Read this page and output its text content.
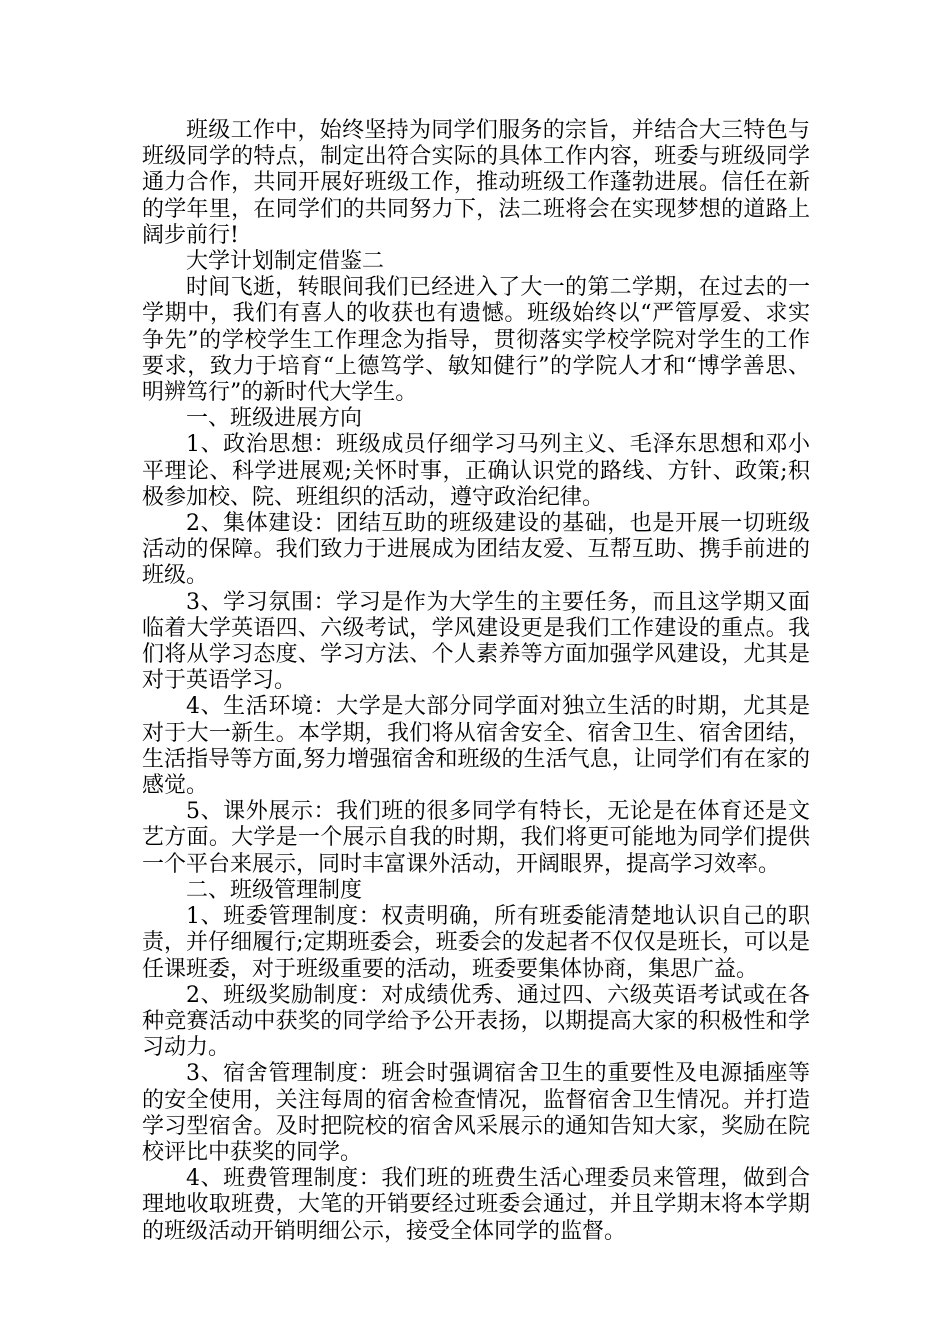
班级工作中，始终坚持为同学们服务的宗旨，并结合大三特色与班级同学的特点，制定出符合实际的具体工作内容，班委与班级同学通力合作，共同开展好班级工作，推动班级工作蓬勃进展。信任在新的学年里，在同学们的共同努力下，法二班将会在实现梦想的道路上阔步前行!

大学计划制定借鉴二

时间飞逝，转眼间我们已经进入了大一的第二学期，在过去的一学期中，我们有喜人的收获也有遗憾。班级始终以“严管厚爱、求实争先”的学校学生工作理念为指导，贯彻落实学校学院对学生的工作要求，致力于培育“上德笃学、敏知健行”的学院人才和“博学善思、明辨笃行”的新时代大学生。

一、班级进展方向

1、政治思想：班级成员仔细学习马列主义、毛泽东思想和邓小平理论、科学进展观;关怀时事，正确认识党的路线、方针、政策;积极参加校、院、班组织的活动，遵守政治纪律。

2、集体建设：团结互助的班级建设的基础，也是开展一切班级活动的保障。我们致力于进展成为团结友爱、互帮互助、携手前进的班级。

3、学习氛围：学习是作为大学生的主要任务，而且这学期又面临着大学英语四、六级考试，学风建设更是我们工作建设的重点。我们将从学习态度、学习方法、个人素养等方面加强学风建设，尤其是对于英语学习。

4、生活环境：大学是大部分同学面对独立生活的时期，尤其是对于大一新生。本学期，我们将从宿舍安全、宿舍卫生、宿舍团结，生活指导等方面,努力增强宿舍和班级的生活气息，让同学们有在家的感觉。

5、课外展示：我们班的很多同学有特长，无论是在体育还是文艺方面。大学是一个展示自我的时期，我们将更可能地为同学们提供一个平台来展示，同时丰富课外活动，开阔眼界，提高学习效率。

二、班级管理制度

1、班委管理制度：权责明确，所有班委能清楚地认识自己的职责，并仔细履行;定期班委会，班委会的发起者不仅仅是班长，可以是任课班委，对于班级重要的活动，班委要集体协商，集思广益。

2、班级奖励制度：对成绩优秀、通过四、六级英语考试或在各种竞赛活动中获奖的同学给予公开表扬，以期提高大家的积极性和学习动力。

3、宿舍管理制度：班会时强调宿舍卫生的重要性及电源插座等的安全使用，关注每周的宿舍检查情况，监督宿舍卫生情况。并打造学习型宿舍。及时把院校的宿舍风采展示的通知告知大家，奖励在院校评比中获奖的同学。

4、班费管理制度：我们班的班费生活心理委员来管理，做到合理地收取班费，大笔的开销要经过班委会通过，并且学期末将本学期的班级活动开销明细公示，接受全体同学的监督。
